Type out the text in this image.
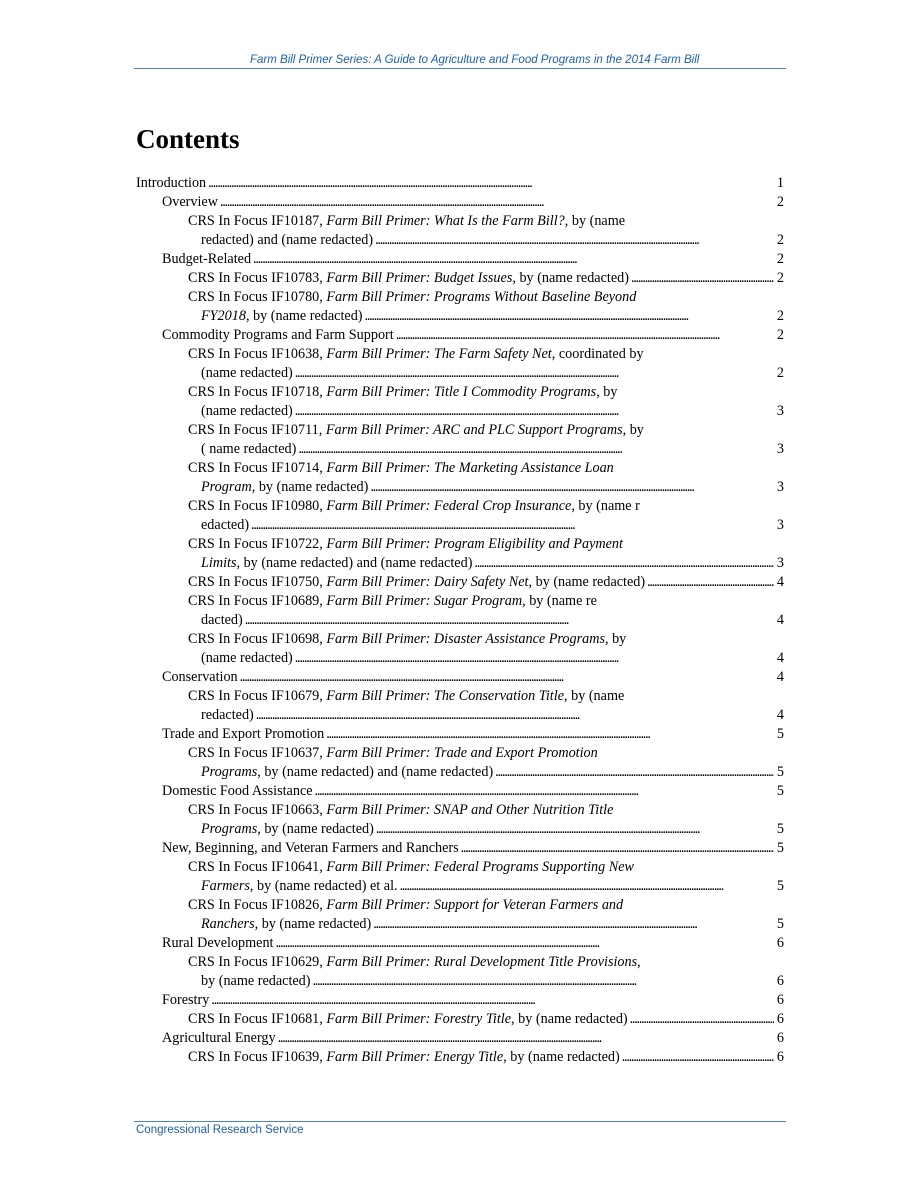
Farm Bill Primer Series: A Guide to Agriculture and Food Programs in the 2014 Farm Bill
Contents
Introduction . . .	1
Overview . . .	2
CRS In Focus IF10187, Farm Bill Primer: What Is the Farm Bill?, by (name
redacted) and (name redacted) . . .	2
Budget-Related . . .	2
CRS In Focus IF10783, Farm Bill Primer: Budget Issues, by (name redacted) . . .	2
CRS In Focus IF10780, Farm Bill Primer: Programs Without Baseline Beyond
FY2018, by (name redacted) . . .	2
Commodity Programs and Farm Support . . .	2
CRS In Focus IF10638, Farm Bill Primer: The Farm Safety Net, coordinated by
(name redacted) . . .	2
CRS In Focus IF10718, Farm Bill Primer: Title I Commodity Programs, by
(name redacted) . . .	3
CRS In Focus IF10711, Farm Bill Primer: ARC and PLC Support Programs, by
( name redacted) . . .	3
CRS In Focus IF10714, Farm Bill Primer: The Marketing Assistance Loan
Program, by (name redacted) . . .	3
CRS In Focus IF10980, Farm Bill Primer: Federal Crop Insurance, by (name r
edacted) . . .	3
CRS In Focus IF10722, Farm Bill Primer: Program Eligibility and Payment
Limits, by (name redacted) and (name redacted) . . .	3
CRS In Focus IF10750, Farm Bill Primer: Dairy Safety Net, by (name redacted) . . .	4
CRS In Focus IF10689, Farm Bill Primer: Sugar Program, by (name re
dacted) . . .	4
CRS In Focus IF10698, Farm Bill Primer: Disaster Assistance Programs, by
(name redacted) . . .	4
Conservation . . .	4
CRS In Focus IF10679, Farm Bill Primer: The Conservation Title, by (name
redacted) . . .	4
Trade and Export Promotion . . .	5
CRS In Focus IF10637, Farm Bill Primer: Trade and Export Promotion
Programs, by (name redacted) and (name redacted) . . .	5
Domestic Food Assistance . . .	5
CRS In Focus IF10663, Farm Bill Primer: SNAP and Other Nutrition Title
Programs, by (name redacted) . . .	5
New, Beginning, and Veteran Farmers and Ranchers . . .	5
CRS In Focus IF10641, Farm Bill Primer: Federal Programs Supporting New
Farmers, by (name redacted) et al. . . .	5
CRS In Focus IF10826, Farm Bill Primer: Support for Veteran Farmers and
Ranchers, by (name redacted) . . .	5
Rural Development . . .	6
CRS In Focus IF10629, Farm Bill Primer: Rural Development Title Provisions,
by (name redacted) . . .	6
Forestry . . .	6
CRS In Focus IF10681, Farm Bill Primer: Forestry Title, by (name redacted) . . .	6
Agricultural Energy . . .	6
CRS In Focus IF10639, Farm Bill Primer: Energy Title, by (name redacted) . . .	6
Congressional Research Service
